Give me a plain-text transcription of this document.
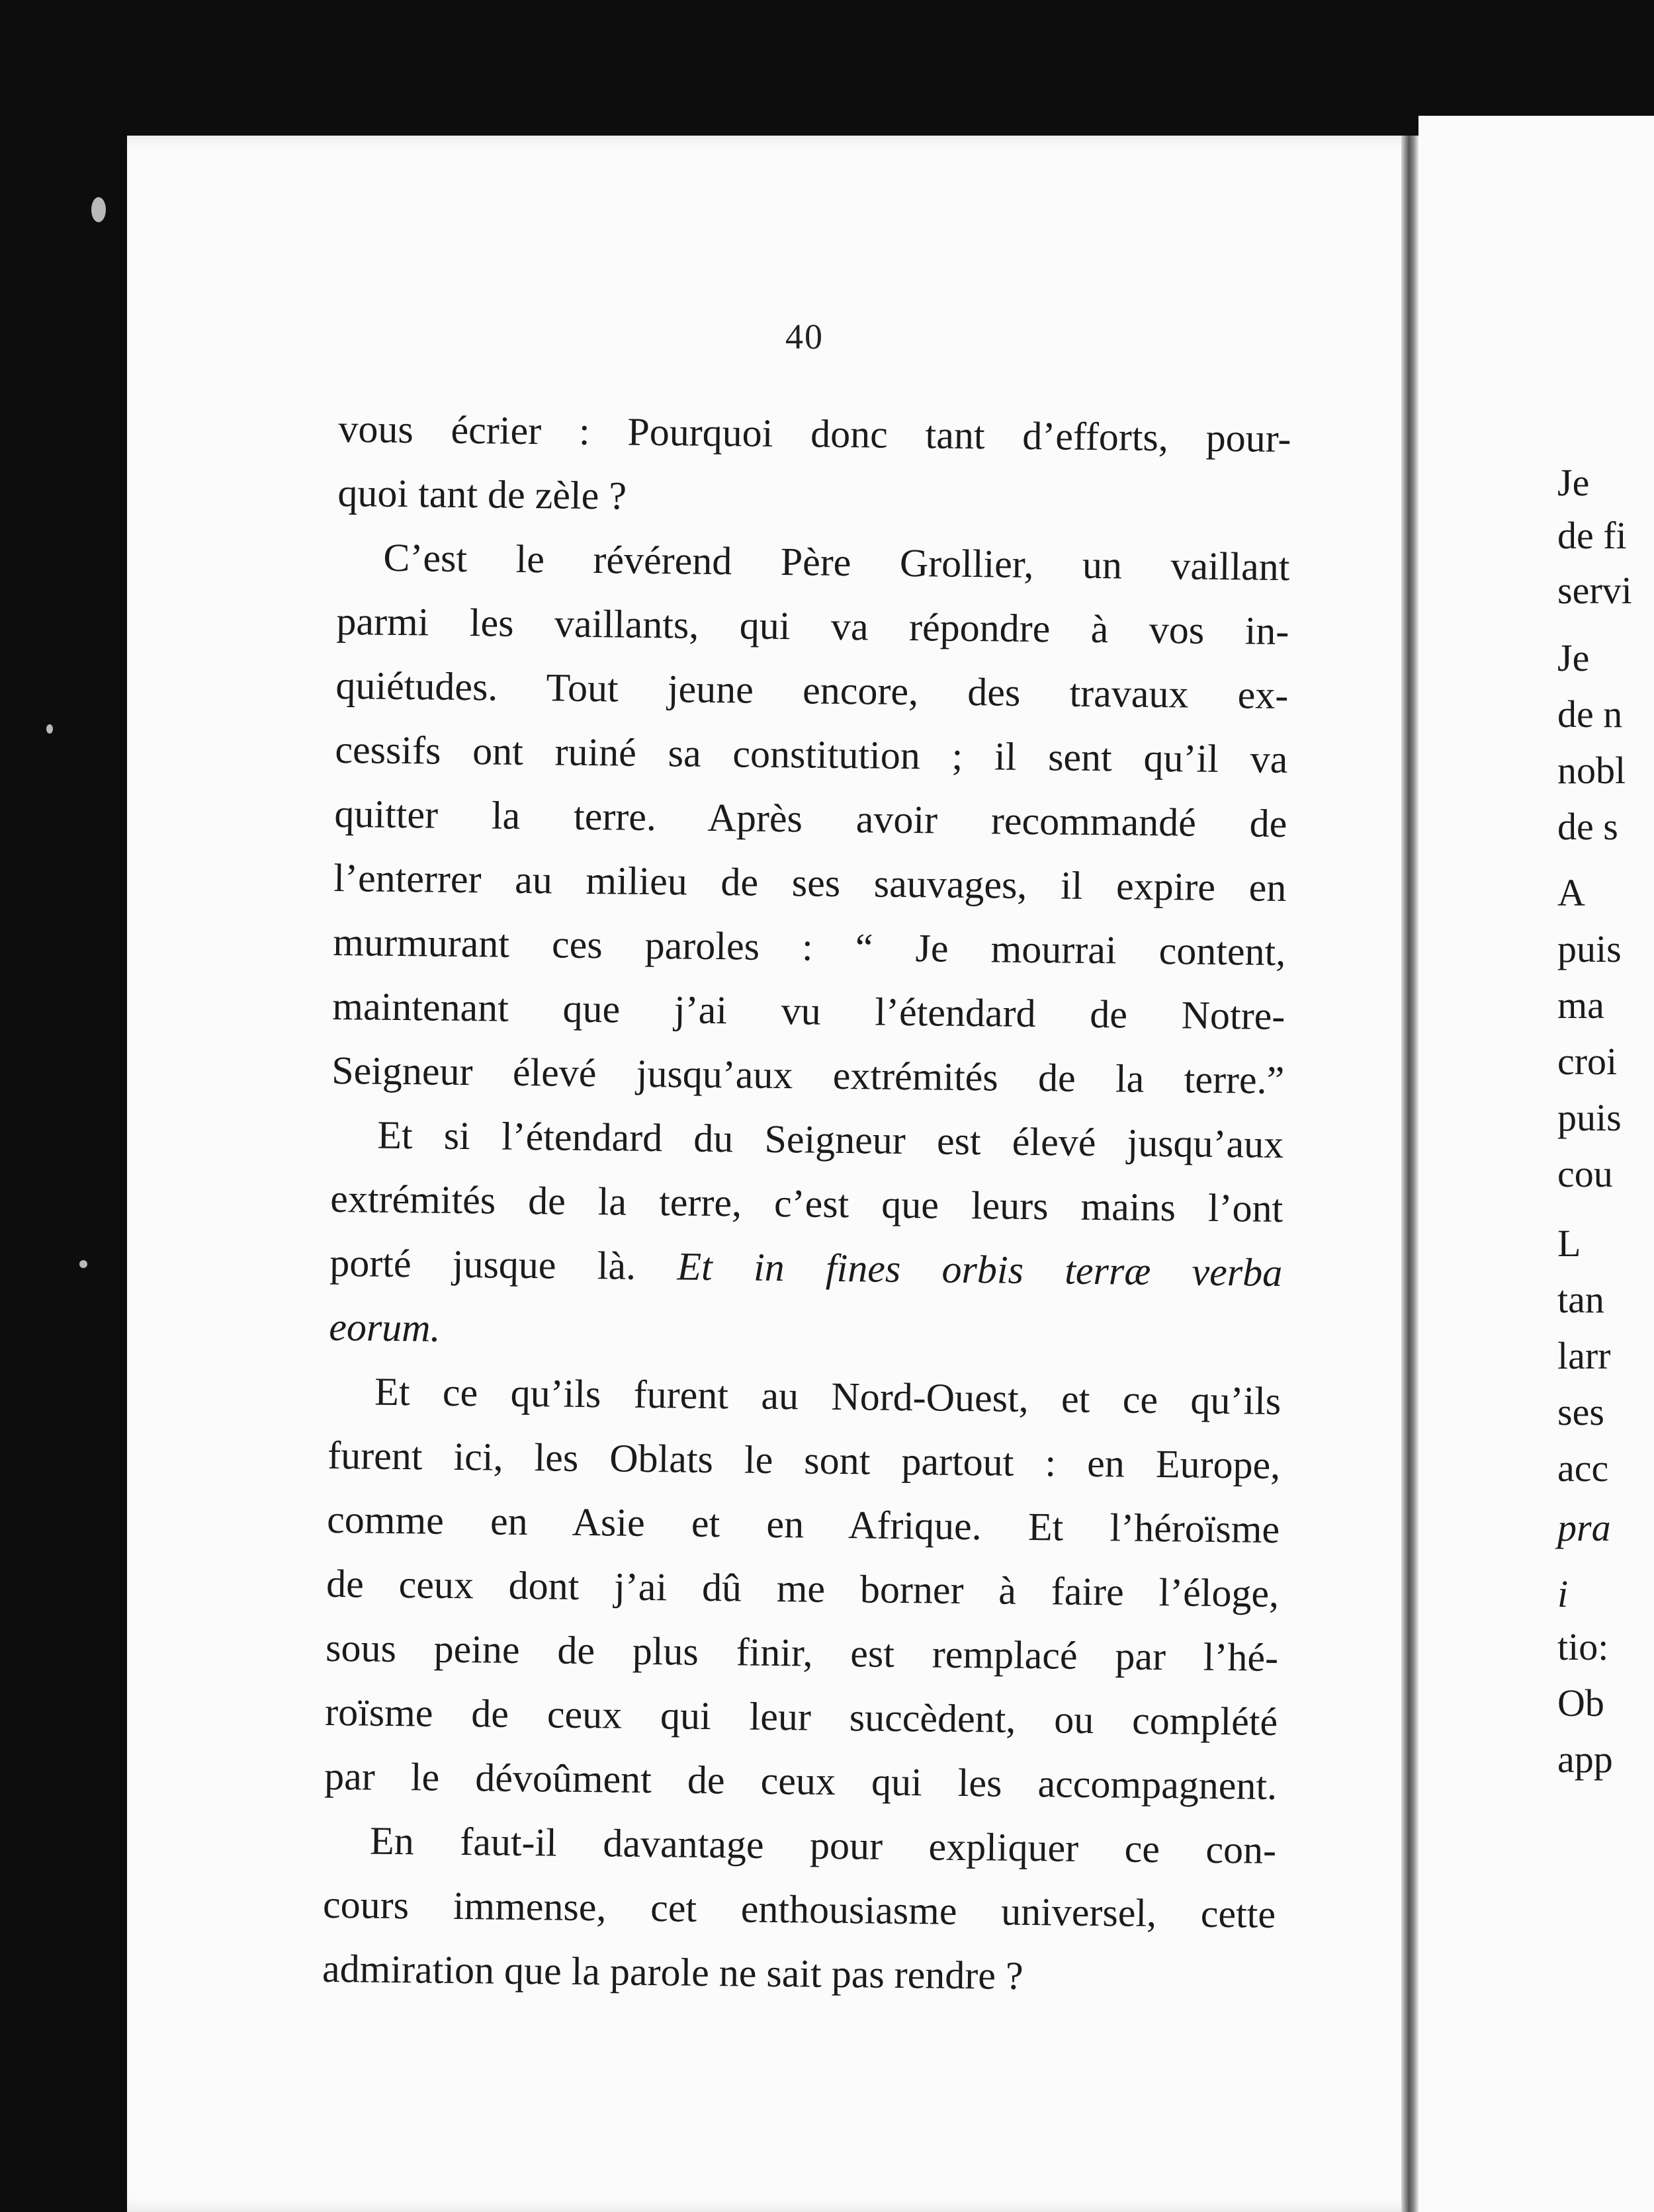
40
vous écrier : Pourquoi donc tant d’efforts, pour-
quoi tant de zèle ?
C’est le révérend Père Grollier, un vaillant
parmi les vaillants, qui va répondre à vos in-
quiétudes. Tout jeune encore, des travaux ex-
cessifs ont ruiné sa constitution ; il sent qu’il va
quitter la terre. Après avoir recommandé de
l’enterrer au milieu de ses sauvages, il expire en
murmurant ces paroles : “ Je mourrai content,
maintenant que j’ai vu l’étendard de Notre-
Seigneur élevé jusqu’aux extrémités de la terre.”
Et si l’étendard du Seigneur est élevé jusqu’aux
extrémités de la terre, c’est que leurs mains l’ont
porté jusque là. Et in fines orbis terræ verba
eorum.
Et ce qu’ils furent au Nord-Ouest, et ce qu’ils
furent ici, les Oblats le sont partout : en Europe,
comme en Asie et en Afrique. Et l’héroïsme
de ceux dont j’ai dû me borner à faire l’éloge,
sous peine de plus finir, est remplacé par l’hé-
roïsme de ceux qui leur succèdent, ou complété
par le dévoûment de ceux qui les accompagnent.
En faut-il davantage pour expliquer ce con-
cours immense, cet enthousiasme universel, cette
admiration que la parole ne sait pas rendre ?
Je
de fi
servi
Je
de n
nobl
de s
A
puis
ma
croi
puis
cou
L
tan
larr
ses
acc
pra
i
tio:
Ob
app
